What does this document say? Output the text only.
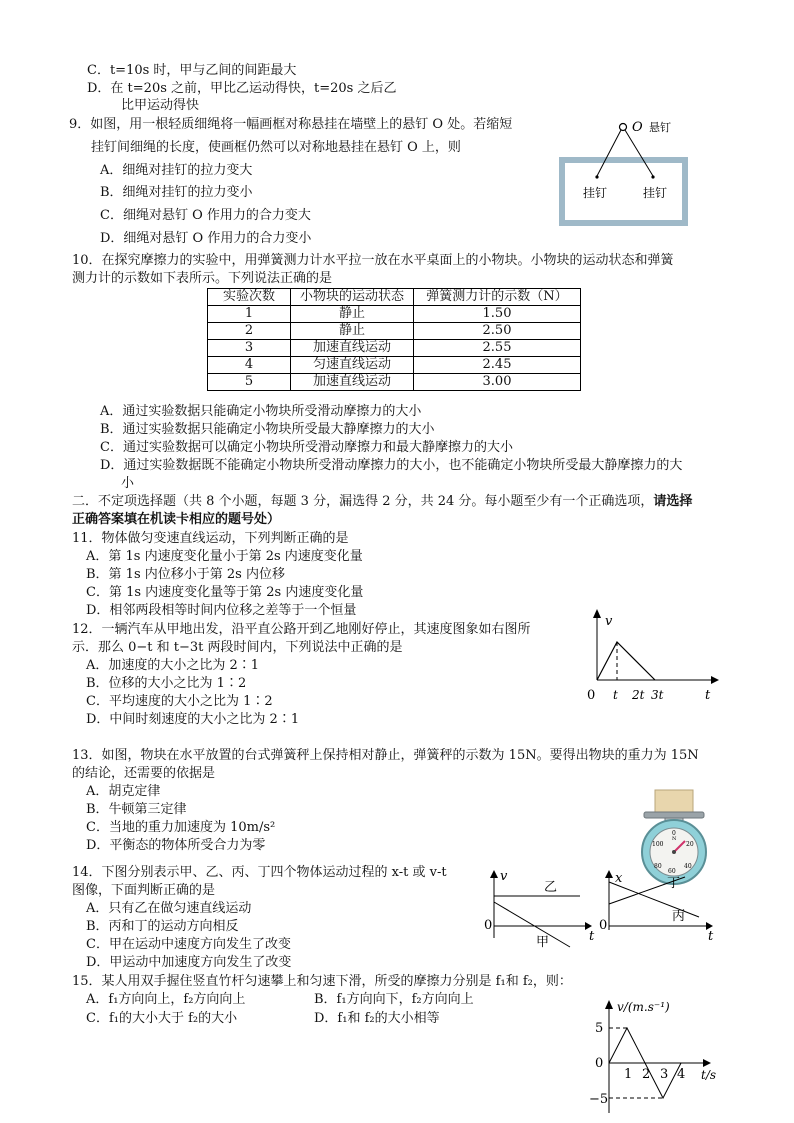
C．t=10s 时，甲与乙间的间距最大
D．在 t=20s 之前，甲比乙运动得快，t=20s 之后乙
比甲运动得快
9．如图，用一根轻质细绳将一幅画框对称悬挂在墙壁上的悬钉 O 处。若缩短
挂钉间细绳的长度，使画框仍然可以对称地悬挂在悬钉 O 上，则
A．细绳对挂钉的拉力变大
B．细绳对挂钉的拉力变小
C．细绳对悬钉 O 作用力的合力变大
D．细绳对悬钉 O 作用力的合力变小
O 悬钉
挂钉	挂钉
10．在探究摩擦力的实验中，用弹簧测力计水平拉一放在水平桌面上的小物块。小物块的运动状态和弹簧
测力计的示数如下表所示。下列说法正确的是
实验次数	小物块的运动状态	弹簧测力计的示数（N）
1	静止	1.50
2	静止	2.50
3	加速直线运动	2.55
4	匀速直线运动	2.45
5	加速直线运动	3.00
A．通过实验数据只能确定小物块所受滑动摩擦力的大小
B．通过实验数据只能确定小物块所受最大静摩擦力的大小
C．通过实验数据可以确定小物块所受滑动摩擦力和最大静摩擦力的大小
D．通过实验数据既不能确定小物块所受滑动摩擦力的大小，也不能确定小物块所受最大静摩擦力的大
小
二．不定项选择题（共 8 个小题，每题 3 分，漏选得 2 分，共 24 分。每小题至少有一个正确选项，请选择
正确答案填在机读卡相应的题号处）
11．物体做匀变速直线运动，下列判断正确的是
A．第 1s 内速度变化量小于第 2s 内速度变化量
B．第 1s 内位移小于第 2s 内位移
C．第 1s 内速度变化量等于第 2s 内速度变化量
D．相邻两段相等时间内位移之差等于一个恒量
12．一辆汽车从甲地出发，沿平直公路开到乙地刚好停止，其速度图象如右图所
示．那么 0−t 和 t−3t 两段时间内，下列说法中正确的是
A．加速度的大小之比为 2∶1
B．位移的大小之比为 1∶2
C．平均速度的大小之比为 1∶2
D．中间时刻速度的大小之比为 2∶1
v
t
0 t 2t 3t
13．如图，物块在水平放置的台式弹簧秤上保持相对静止，弹簧秤的示数为 15N。要得出物块的重力为 15N
的结论，还需要的依据是
A．胡克定律
B．牛顿第三定律
C．当地的重力加速度为 10m/s²
D．平衡态的物体所受合力为零	N
0
20
40
60
80
100
14．下图分别表示甲、乙、丙、丁四个物体运动过程的 x-t 或 v-t
图像，下面判断正确的是
A．只有乙在做匀速直线运动
B．丙和丁的运动方向相反
C．甲在运动中速度方向发生了改变
D．甲运动中加速度方向发生了改变
v
t
0
乙
甲
x
t
0
丁
丙
15．某人用双手握住竖直竹杆匀速攀上和匀速下滑，所受的摩擦力分别是 f₁和 f₂，则：
A．f₁方向向上，f₂方向向上	B．f₁方向向下，f₂方向向上
C．f₁的大小大于 f₂的大小	D．f₁和 f₂的大小相等
v/(m.s⁻¹)
t/s
5
0
−5
1 2 3 4
